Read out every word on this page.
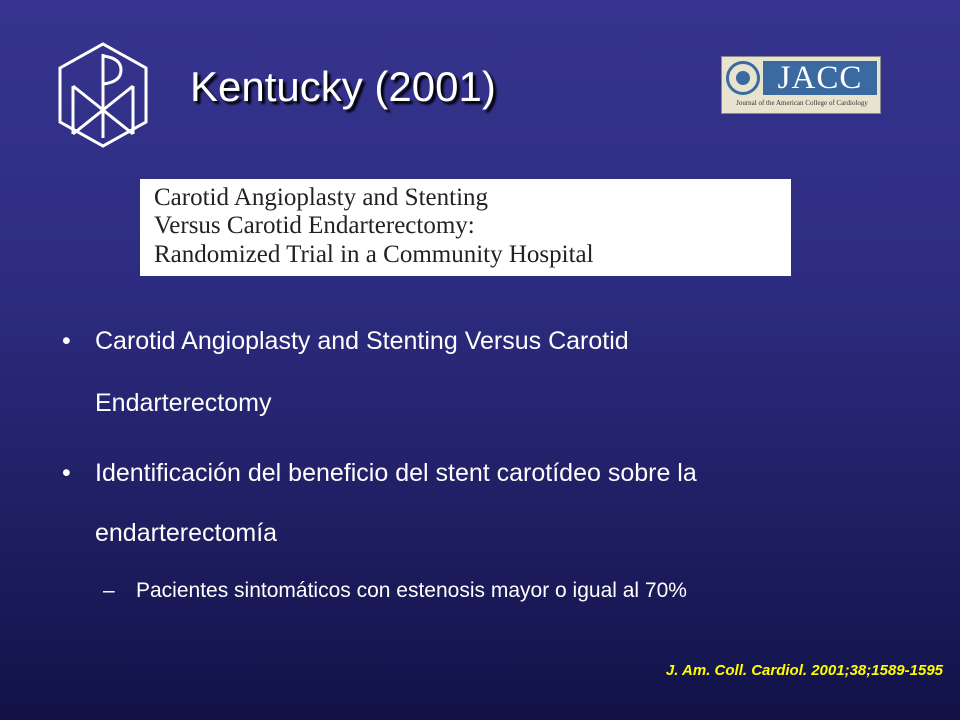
Kentucky (2001)	JACC
Journal of the American College of Cardiology
Carotid Angioplasty and Stenting
Versus Carotid Endarterectomy:
Randomized Trial in a Community Hospital
• Carotid Angioplasty and Stenting Versus Carotid
Endarterectomy
• Identificación del beneficio del stent carotídeo sobre la
endarterectomía
– Pacientes sintomáticos con estenosis mayor o igual al 70%
J. Am. Coll. Cardiol. 2001;38;1589-1595
